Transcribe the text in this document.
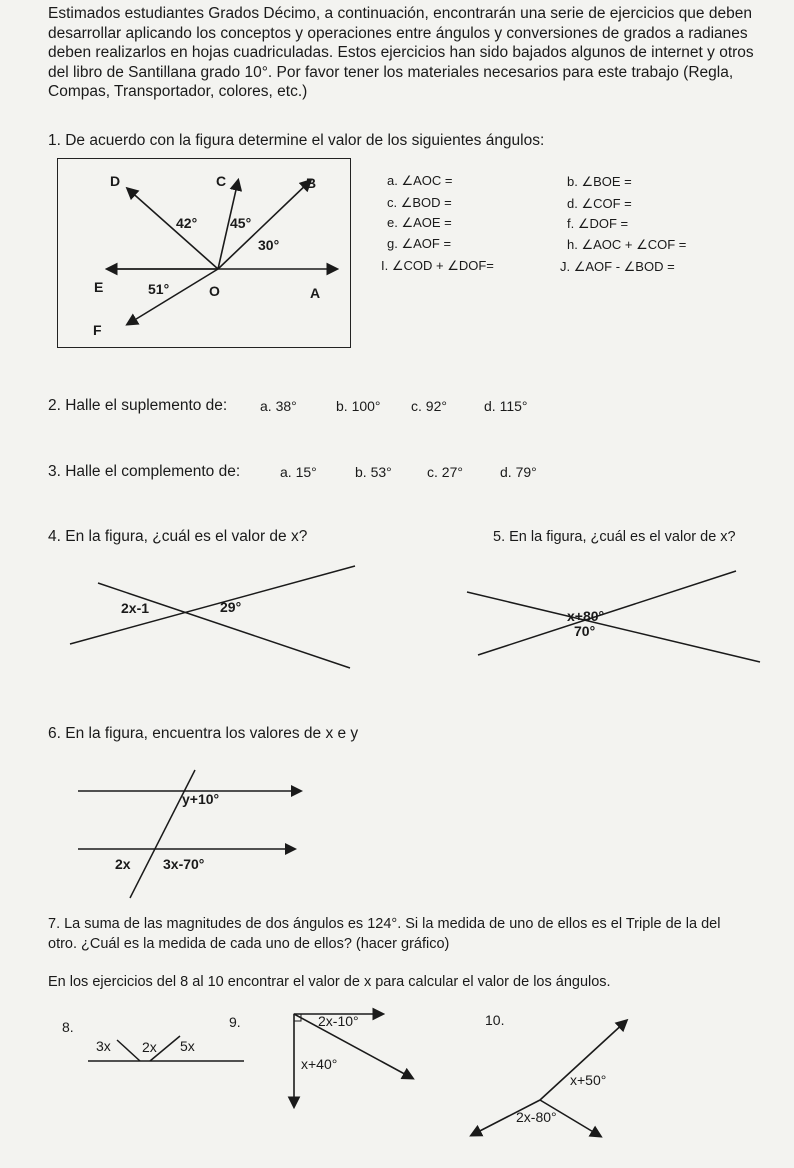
Estimados estudiantes Grados Décimo, a continuación, encontrarán una serie de ejercicios que deben
desarrollar aplicando los conceptos y operaciones entre ángulos y conversiones de grados a radianes
deben realizarlos en hojas cuadriculadas. Estos ejercicios han sido bajados algunos de internet y otros
del libro de Santillana grado 10°. Por favor tener los materiales necesarios para este trabajo (Regla,
Compas, Transportador, colores, etc.)
1. De acuerdo con la figura determine el valor de los siguientes ángulos:
D	C	B
E	O	A
F
42° 45°
30°
51°
a. ∠AOC =	b. ∠BOE =
c. ∠BOD =	d. ∠COF =
e. ∠AOE =	f. ∠DOF =
g. ∠AOF =	h. ∠AOC + ∠COF =
I. ∠COD + ∠DOF=	J. ∠AOF - ∠BOD =
2. Halle el suplemento de: a. 38°	b. 100° c. 92°	d. 115°
3. Halle el complemento de:	a. 15°	b. 53°	c. 27°	d. 79°
4. En la figura, ¿cuál es el valor de x?
2x-1	29°
5. En la figura, ¿cuál es el valor de x?
x+80°
70°
6. En la figura, encuentra los valores de x e y
y+10°
2x 3x-70°
7. La suma de las magnitudes de dos ángulos es 124°. Si la medida de uno de ellos es el Triple de la del
otro. ¿Cuál es la medida de cada uno de ellos? (hacer gráfico)
En los ejercicios del 8 al 10 encontrar el valor de x para calcular el valor de los ángulos.
8.
3x 2x 5x
9.	2x-10°
x+40°
10.
x+50°
2x-80°
